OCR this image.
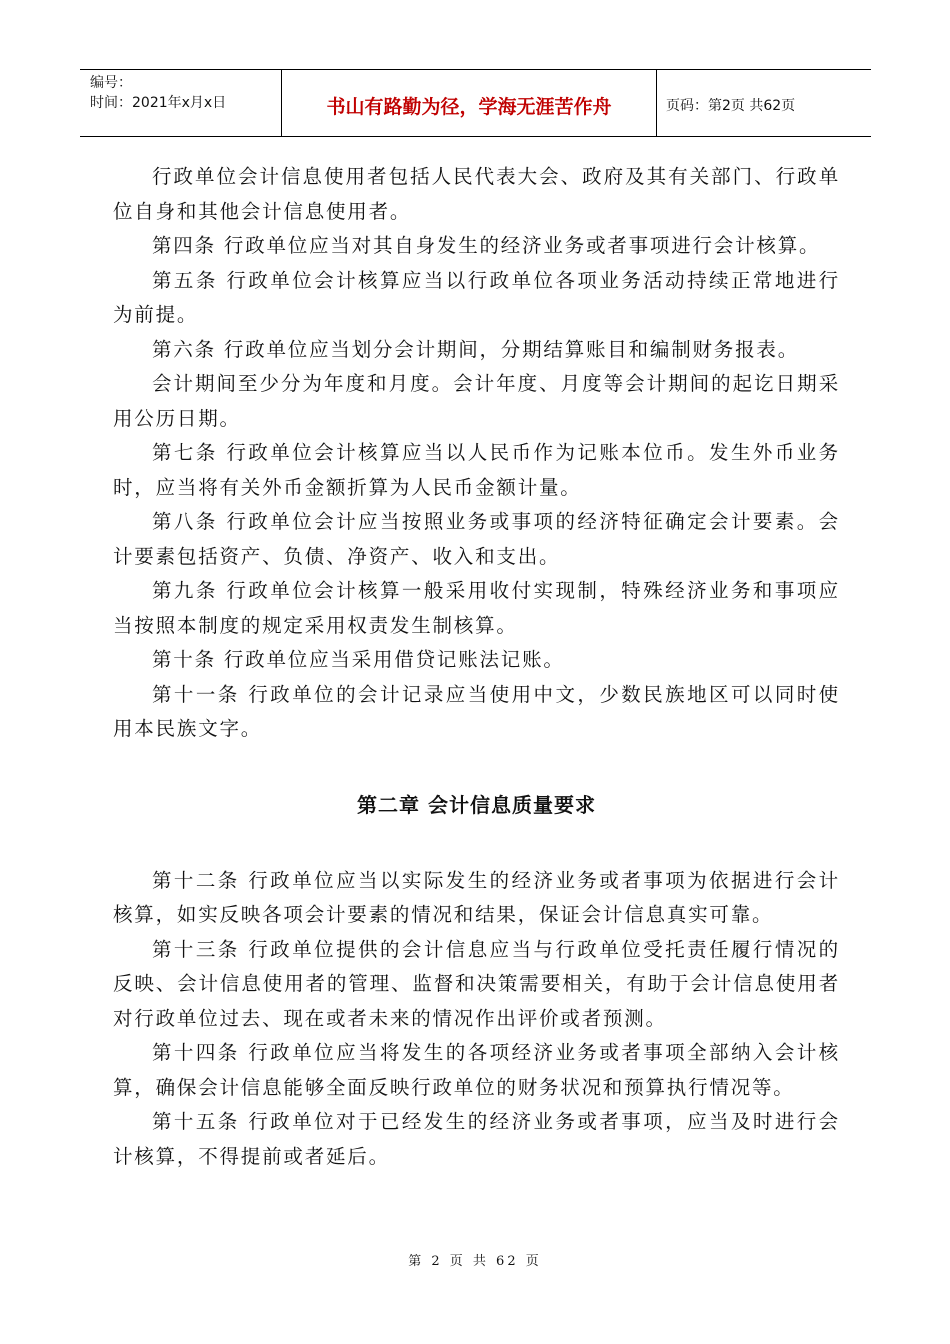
编号：
时间：2021年x月x日	书山有路勤为径，学海无涯苦作舟	页码：第2页 共62页

行政单位会计信息使用者包括人民代表大会、政府及其有关部门、行政单位自身和其他会计信息使用者。

第四条 行政单位应当对其自身发生的经济业务或者事项进行会计核算。

第五条 行政单位会计核算应当以行政单位各项业务活动持续正常地进行为前提。

第六条 行政单位应当划分会计期间，分期结算账目和编制财务报表。

会计期间至少分为年度和月度。会计年度、月度等会计期间的起讫日期采用公历日期。

第七条 行政单位会计核算应当以人民币作为记账本位币。发生外币业务时，应当将有关外币金额折算为人民币金额计量。

第八条 行政单位会计应当按照业务或事项的经济特征确定会计要素。会计要素包括资产、负债、净资产、收入和支出。

第九条 行政单位会计核算一般采用收付实现制，特殊经济业务和事项应当按照本制度的规定采用权责发生制核算。

第十条 行政单位应当采用借贷记账法记账。

第十一条 行政单位的会计记录应当使用中文，少数民族地区可以同时使用本民族文字。

第二章 会计信息质量要求

第十二条 行政单位应当以实际发生的经济业务或者事项为依据进行会计核算，如实反映各项会计要素的情况和结果，保证会计信息真实可靠。

第十三条 行政单位提供的会计信息应当与行政单位受托责任履行情况的反映、会计信息使用者的管理、监督和决策需要相关，有助于会计信息使用者对行政单位过去、现在或者未来的情况作出评价或者预测。

第十四条 行政单位应当将发生的各项经济业务或者事项全部纳入会计核算，确保会计信息能够全面反映行政单位的财务状况和预算执行情况等。

第十五条 行政单位对于已经发生的经济业务或者事项，应当及时进行会计核算，不得提前或者延后。

第 2 页 共 62 页
